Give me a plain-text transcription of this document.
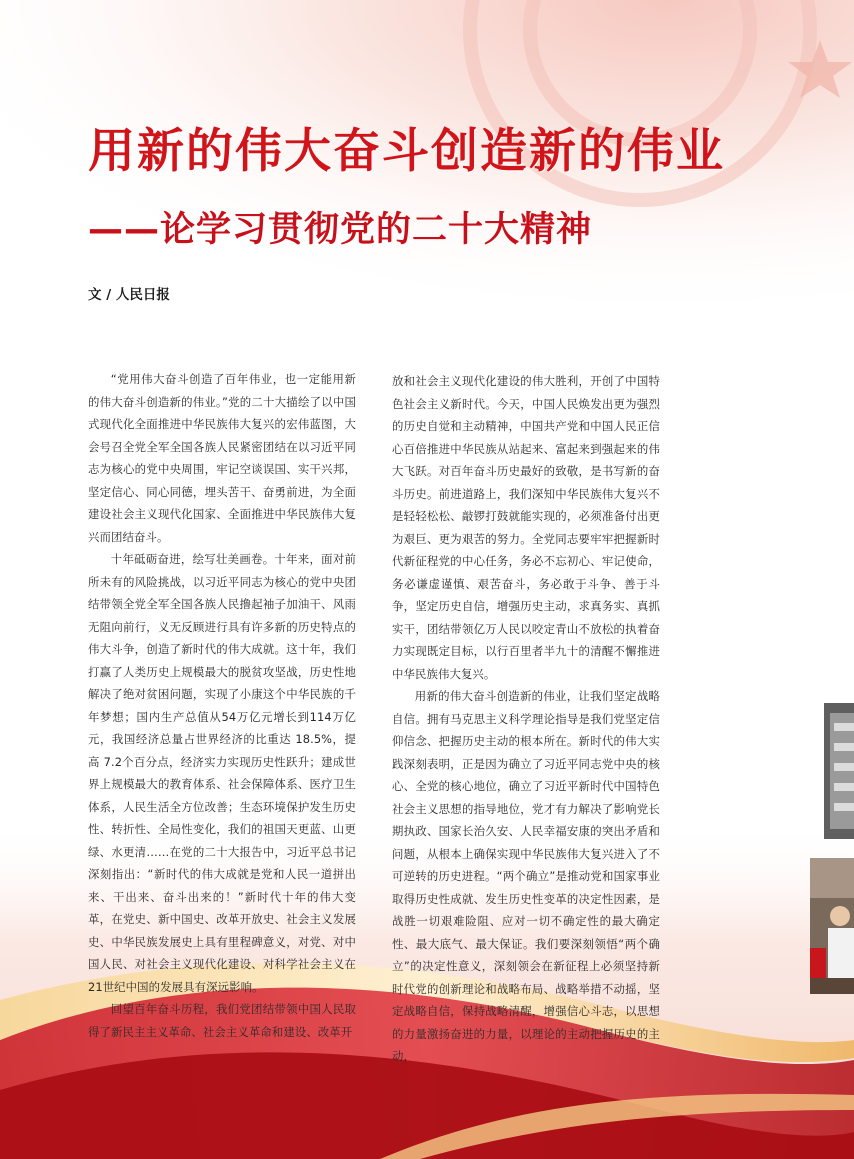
用新的伟大奋斗创造新的伟业
——论学习贯彻党的二十大精神
文 / 人民日报

“党用伟大奋斗创造了百年伟业，也一定能用新的伟大奋斗创造新的伟业。”党的二十大描绘了以中国式现代化全面推进中华民族伟大复兴的宏伟蓝图，大会号召全党全军全国各族人民紧密团结在以习近平同志为核心的党中央周围，牢记空谈误国、实干兴邦，坚定信心、同心同德，埋头苦干、奋勇前进，为全面建设社会主义现代化国家、全面推进中华民族伟大复兴而团结奋斗。

十年砥砺奋进，绘写壮美画卷。十年来，面对前所未有的风险挑战，以习近平同志为核心的党中央团结带领全党全军全国各族人民撸起袖子加油干、风雨无阻向前行，义无反顾进行具有许多新的历史特点的伟大斗争，创造了新时代的伟大成就。这十年，我们打赢了人类历史上规模最大的脱贫攻坚战，历史性地解决了绝对贫困问题，实现了小康这个中华民族的千年梦想；国内生产总值从54万亿元增长到114万亿元，我国经济总量占世界经济的比重达 18.5%，提高 7.2个百分点，经济实力实现历史性跃升；建成世界上规模最大的教育体系、社会保障体系、医疗卫生体系，人民生活全方位改善；生态环境保护发生历史性、转折性、全局性变化，我们的祖国天更蓝、山更绿、水更清……在党的二十大报告中，习近平总书记深刻指出：“新时代的伟大成就是党和人民一道拼出来、干出来、奋斗出来的！”新时代十年的伟大变革，在党史、新中国史、改革开放史、社会主义发展史、中华民族发展史上具有里程碑意义，对党、对中国人民、对社会主义现代化建设、对科学社会主义在 21世纪中国的发展具有深远影响。

回望百年奋斗历程，我们党团结带领中国人民取得了新民主主义革命、社会主义革命和建设、改革开

放和社会主义现代化建设的伟大胜利，开创了中国特色社会主义新时代。今天，中国人民焕发出更为强烈的历史自觉和主动精神，中国共产党和中国人民正信心百倍推进中华民族从站起来、富起来到强起来的伟大飞跃。对百年奋斗历史最好的致敬，是书写新的奋斗历史。前进道路上，我们深知中华民族伟大复兴不是轻轻松松、敲锣打鼓就能实现的，必须准备付出更为艰巨、更为艰苦的努力。全党同志要牢牢把握新时代新征程党的中心任务，务必不忘初心、牢记使命，务必谦虚谨慎、艰苦奋斗，务必敢于斗争、善于斗争，坚定历史自信，增强历史主动，求真务实、真抓实干，团结带领亿万人民以咬定青山不放松的执着奋力实现既定目标，以行百里者半九十的清醒不懈推进中华民族伟大复兴。

用新的伟大奋斗创造新的伟业，让我们坚定战略自信。拥有马克思主义科学理论指导是我们党坚定信仰信念、把握历史主动的根本所在。新时代的伟大实践深刻表明，正是因为确立了习近平同志党中央的核心、全党的核心地位，确立了习近平新时代中国特色社会主义思想的指导地位，党才有力解决了影响党长期执政、国家长治久安、人民幸福安康的突出矛盾和问题，从根本上确保实现中华民族伟大复兴进入了不可逆转的历史进程。“两个确立”是推动党和国家事业取得历史性成就、发生历史性变革的决定性因素，是战胜一切艰难险阻、应对一切不确定性的最大确定性、最大底气、最大保证。我们要深刻领悟“两个确立”的决定性意义，深刻领会在新征程上必须坚持新时代党的创新理论和战略布局、战略举措不动摇，坚定战略自信，保持战略清醒，增强信心斗志，以思想的力量激扬奋进的力量，以理论的主动把握历史的主动，
